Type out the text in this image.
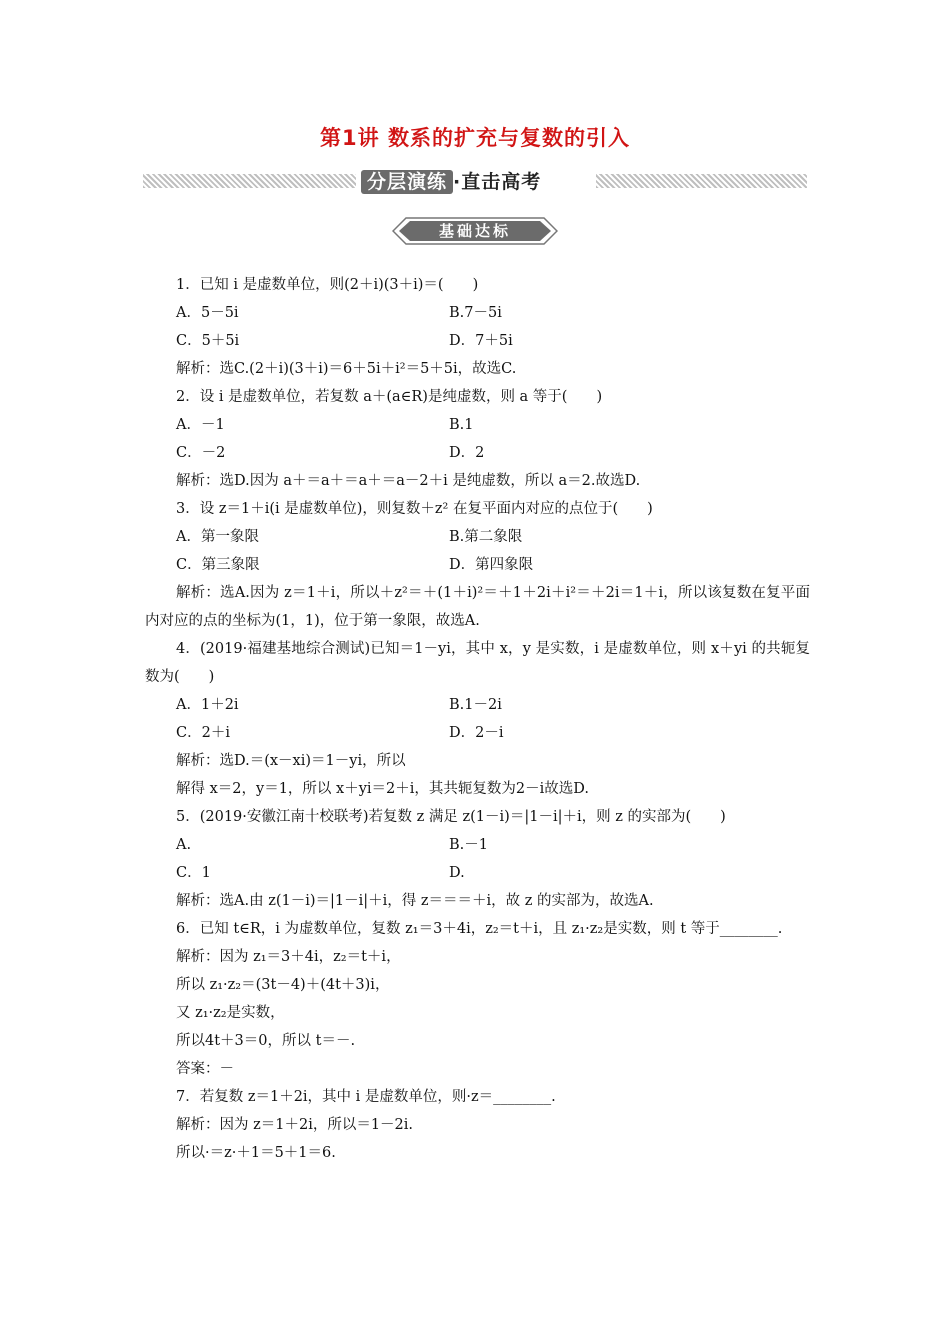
第1讲 数系的扩充与复数的引入
分层演练 ·直击高考
基础达标
1．已知 i 是虚数单位，则(2＋i)(3＋i)＝(　　)
A．5－5i	B.7－5i
C．5＋5i	D．7＋5i
解析：选C.(2＋i)(3＋i)＝6＋5i＋i²＝5＋5i，故选C.
2．设 i 是虚数单位，若复数 a＋(a∈R)是纯虚数，则 a 等于(　　)
A．－1	B.1
C．－2	D．2
解析：选D.因为 a＋＝a＋＝a＋＝a－2＋i 是纯虚数，所以 a＝2.故选D.
3．设 z＝1＋i(i 是虚数单位)，则复数＋z² 在复平面内对应的点位于(　　)
A．第一象限	B.第二象限
C．第三象限	D．第四象限
解析：选A.因为 z＝1＋i，所以＋z²＝＋(1＋i)²＝＋1＋2i＋i²＝＋2i＝1＋i，所以该复数在复平面内对应的点的坐标为(1，1)，位于第一象限，故选A.
4．(2019·福建基地综合测试)已知＝1－yi，其中 x，y 是实数，i 是虚数单位，则 x＋yi 的共轭复数为(　　)
A．1＋2i	B.1－2i
C．2＋i	D．2－i
解析：选D.＝(x－xi)＝1－yi，所以
解得 x＝2，y＝1，所以 x＋yi＝2＋i，其共轭复数为2－i故选D.
5．(2019·安徽江南十校联考)若复数 z 满足 z(1－i)＝|1－i|＋i，则 z 的实部为(　　)
A.	B.－1
C．1	D.
解析：选A.由 z(1－i)＝|1－i|＋i，得 z＝＝＝＋i，故 z 的实部为，故选A.
6．已知 t∈R，i 为虚数单位，复数 z₁＝3＋4i，z₂＝t＋i，且 z₁·z₂是实数，则 t 等于________.
解析：因为 z₁＝3＋4i，z₂＝t＋i，
所以 z₁·z₂＝(3t－4)＋(4t＋3)i，
又 z₁·z₂是实数，
所以4t＋3＝0，所以 t＝－.
答案：－
7．若复数 z＝1＋2i，其中 i 是虚数单位，则·z＝________.
解析：因为 z＝1＋2i，所以＝1－2i.
所以·＝z·＋1＝5＋1＝6.
